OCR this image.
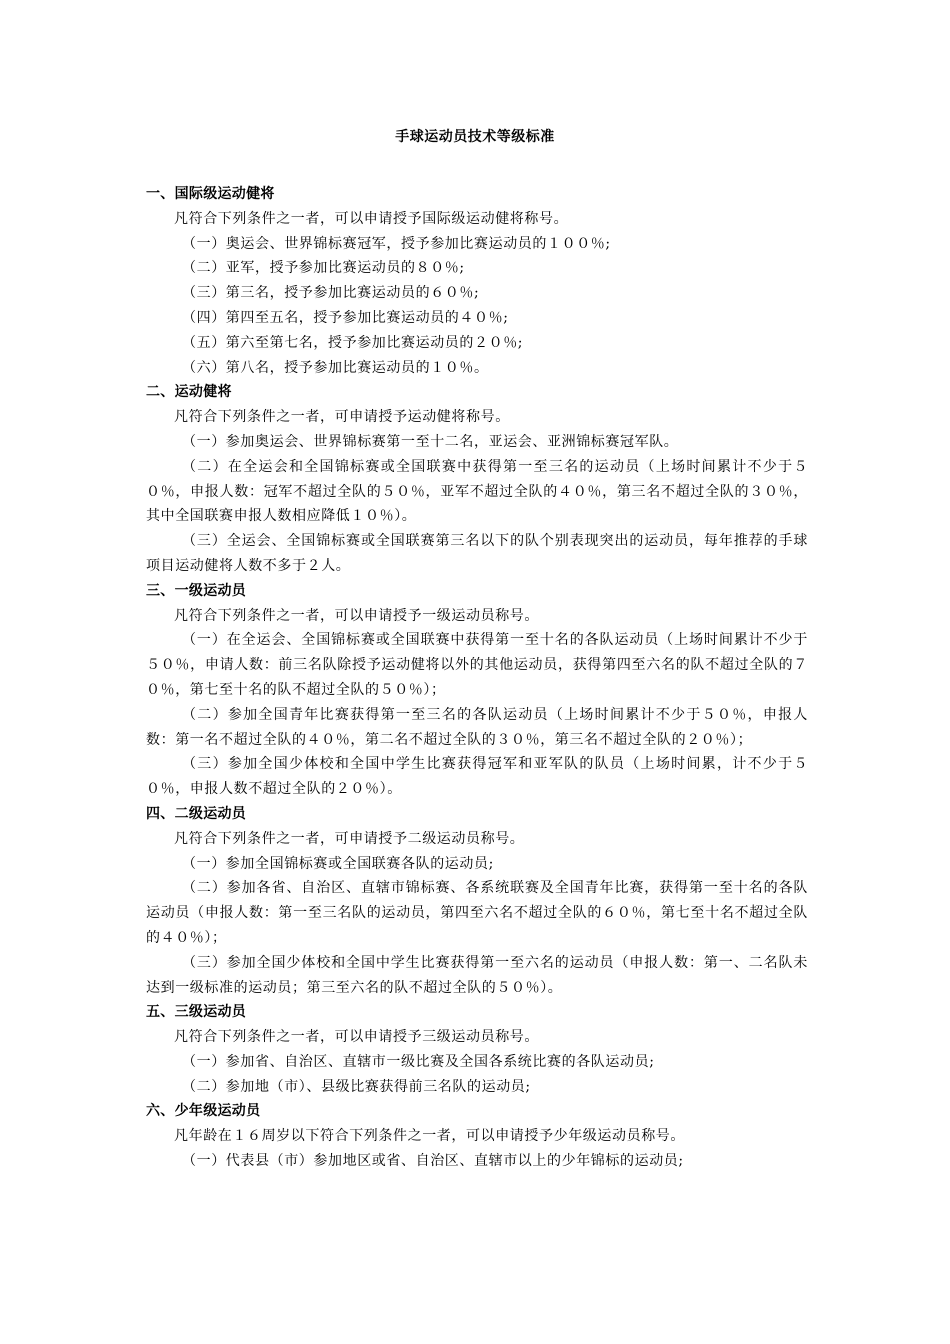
手球运动员技术等级标准
一、国际级运动健将
凡符合下列条件之一者，可以申请授予国际级运动健将称号。
（一）奥运会、世界锦标赛冠军，授予参加比赛运动员的１００％;
（二）亚军，授予参加比赛运动员的８０％;
（三）第三名，授予参加比赛运动员的６０％;
（四）第四至五名，授予参加比赛运动员的４０％;
（五）第六至第七名，授予参加比赛运动员的２０％;
（六）第八名，授予参加比赛运动员的１０％。
二、运动健将
凡符合下列条件之一者，可申请授予运动健将称号。
（一）参加奥运会、世界锦标赛第一至十二名，亚运会、亚洲锦标赛冠军队。
（二）在全运会和全国锦标赛或全国联赛中获得第一至三名的运动员（上场时间累计不少于５０％，申报人数：冠军不超过全队的５０％，亚军不超过全队的４０％，第三名不超过全队的３０％，其中全国联赛申报人数相应降低１０％）。
（三）全运会、全国锦标赛或全国联赛第三名以下的队个别表现突出的运动员，每年推荐的手球项目运动健将人数不多于２人。
三、一级运动员
凡符合下列条件之一者，可以申请授予一级运动员称号。
（一）在全运会、全国锦标赛或全国联赛中获得第一至十名的各队运动员（上场时间累计不少于５０％，申请人数：前三名队除授予运动健将以外的其他运动员，获得第四至六名的队不超过全队的７０％，第七至十名的队不超过全队的５０％）；
（二）参加全国青年比赛获得第一至三名的各队运动员（上场时间累计不少于５０％，申报人数：第一名不超过全队的４０％，第二名不超过全队的３０％，第三名不超过全队的２０％）；
（三）参加全国少体校和全国中学生比赛获得冠军和亚军队的队员（上场时间累，计不少于５０％，申报人数不超过全队的２０％）。
四、二级运动员
凡符合下列条件之一者，可申请授予二级运动员称号。
（一）参加全国锦标赛或全国联赛各队的运动员;
（二）参加各省、自治区、直辖市锦标赛、各系统联赛及全国青年比赛，获得第一至十名的各队运动员（申报人数：第一至三名队的运动员，第四至六名不超过全队的６０％，第七至十名不超过全队的４０％）；
（三）参加全国少体校和全国中学生比赛获得第一至六名的运动员（申报人数：第一、二名队未达到一级标准的运动员；第三至六名的队不超过全队的５０％）。
五、三级运动员
凡符合下列条件之一者，可以申请授予三级运动员称号。
（一）参加省、自治区、直辖市一级比赛及全国各系统比赛的各队运动员;
（二）参加地（市）、县级比赛获得前三名队的运动员;
六、少年级运动员
凡年龄在１６周岁以下符合下列条件之一者，可以申请授予少年级运动员称号。
（一）代表县（市）参加地区或省、自治区、直辖市以上的少年锦标的运动员;
